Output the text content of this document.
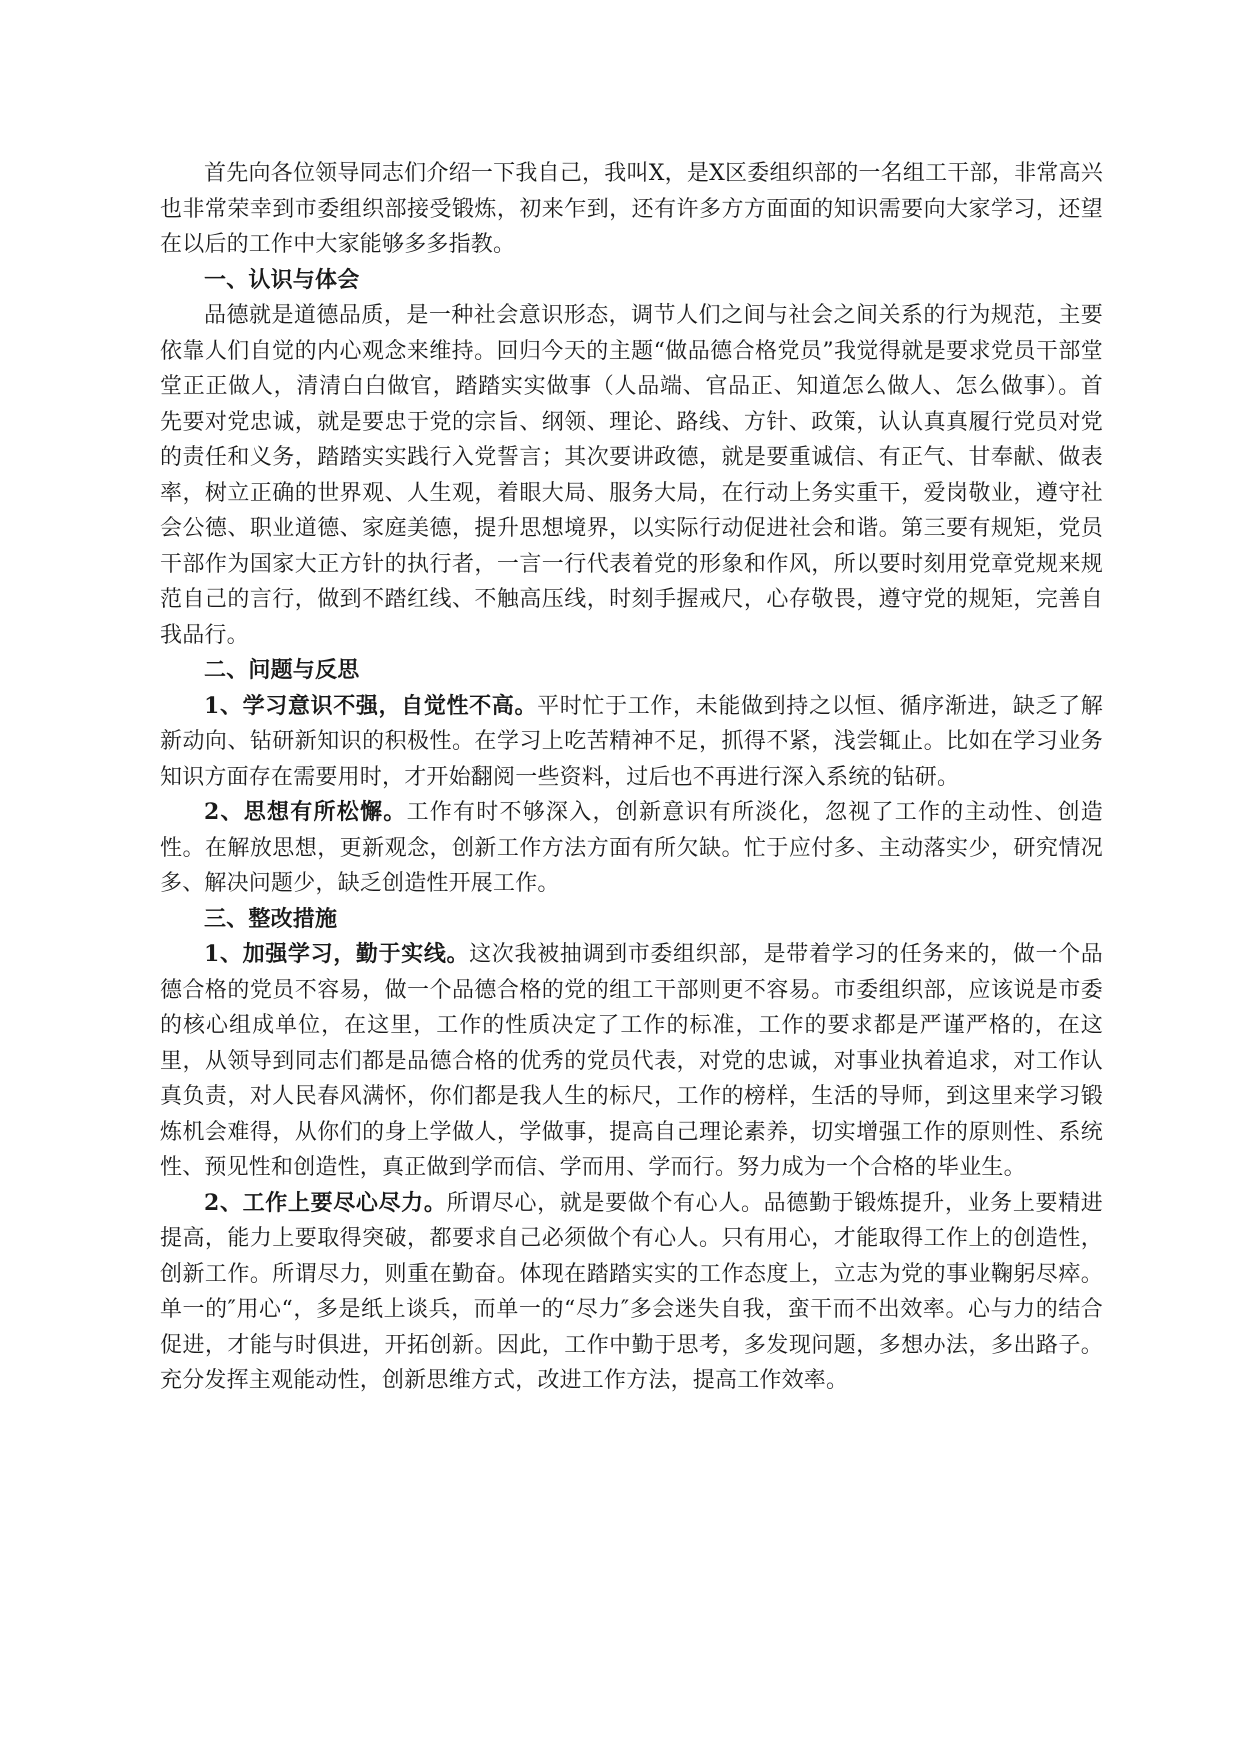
首先向各位领导同志们介绍一下我自己，我叫X，是X区委组织部的一名组工干部，非常高兴也非常荣幸到市委组织部接受锻炼，初来乍到，还有许多方方面面的知识需要向大家学习，还望在以后的工作中大家能够多多指教。

一、认识与体会

品德就是道德品质，是一种社会意识形态，调节人们之间与社会之间关系的行为规范，主要依靠人们自觉的内心观念来维持。回归今天的主题“做品德合格党员”我觉得就是要求党员干部堂堂正正做人，清清白白做官，踏踏实实做事（人品端、官品正、知道怎么做人、怎么做事）。首先要对党忠诚，就是要忠于党的宗旨、纲领、理论、路线、方针、政策，认认真真履行党员对党的责任和义务，踏踏实实践行入党誓言；其次要讲政德，就是要重诚信、有正气、甘奉献、做表率，树立正确的世界观、人生观，着眼大局、服务大局，在行动上务实重干，爱岗敬业，遵守社会公德、职业道德、家庭美德，提升思想境界，以实际行动促进社会和谐。第三要有规矩，党员干部作为国家大正方针的执行者，一言一行代表着党的形象和作风，所以要时刻用党章党规来规范自己的言行，做到不踏红线、不触高压线，时刻手握戒尺，心存敬畏，遵守党的规矩，完善自我品行。

二、问题与反思

1、学习意识不强，自觉性不高。平时忙于工作，未能做到持之以恒、循序渐进，缺乏了解新动向、钻研新知识的积极性。在学习上吃苦精神不足，抓得不紧，浅尝辄止。比如在学习业务知识方面存在需要用时，才开始翻阅一些资料，过后也不再进行深入系统的钻研。

2、思想有所松懈。工作有时不够深入，创新意识有所淡化，忽视了工作的主动性、创造性。在解放思想，更新观念，创新工作方法方面有所欠缺。忙于应付多、主动落实少，研究情况多、解决问题少，缺乏创造性开展工作。

三、整改措施

1、加强学习，勤于实线。这次我被抽调到市委组织部，是带着学习的任务来的，做一个品德合格的党员不容易，做一个品德合格的党的组工干部则更不容易。市委组织部，应该说是市委的核心组成单位，在这里，工作的性质决定了工作的标准，工作的要求都是严谨严格的，在这里，从领导到同志们都是品德合格的优秀的党员代表，对党的忠诚，对事业执着追求，对工作认真负责，对人民春风满怀，你们都是我人生的标尺，工作的榜样，生活的导师，到这里来学习锻炼机会难得，从你们的身上学做人，学做事，提高自己理论素养，切实增强工作的原则性、系统性、预见性和创造性，真正做到学而信、学而用、学而行。努力成为一个合格的毕业生。

2、工作上要尽心尽力。所谓尽心，就是要做个有心人。品德勤于锻炼提升，业务上要精进提高，能力上要取得突破，都要求自己必须做个有心人。只有用心，才能取得工作上的创造性，创新工作。所谓尽力，则重在勤奋。体现在踏踏实实的工作态度上，立志为党的事业鞠躬尽瘁。单一的″用心“，多是纸上谈兵，而单一的“尽力″多会迷失自我，蛮干而不出效率。心与力的结合促进，才能与时俱进，开拓创新。因此，工作中勤于思考，多发现问题，多想办法，多出路子。充分发挥主观能动性，创新思维方式，改进工作方法，提高工作效率。
